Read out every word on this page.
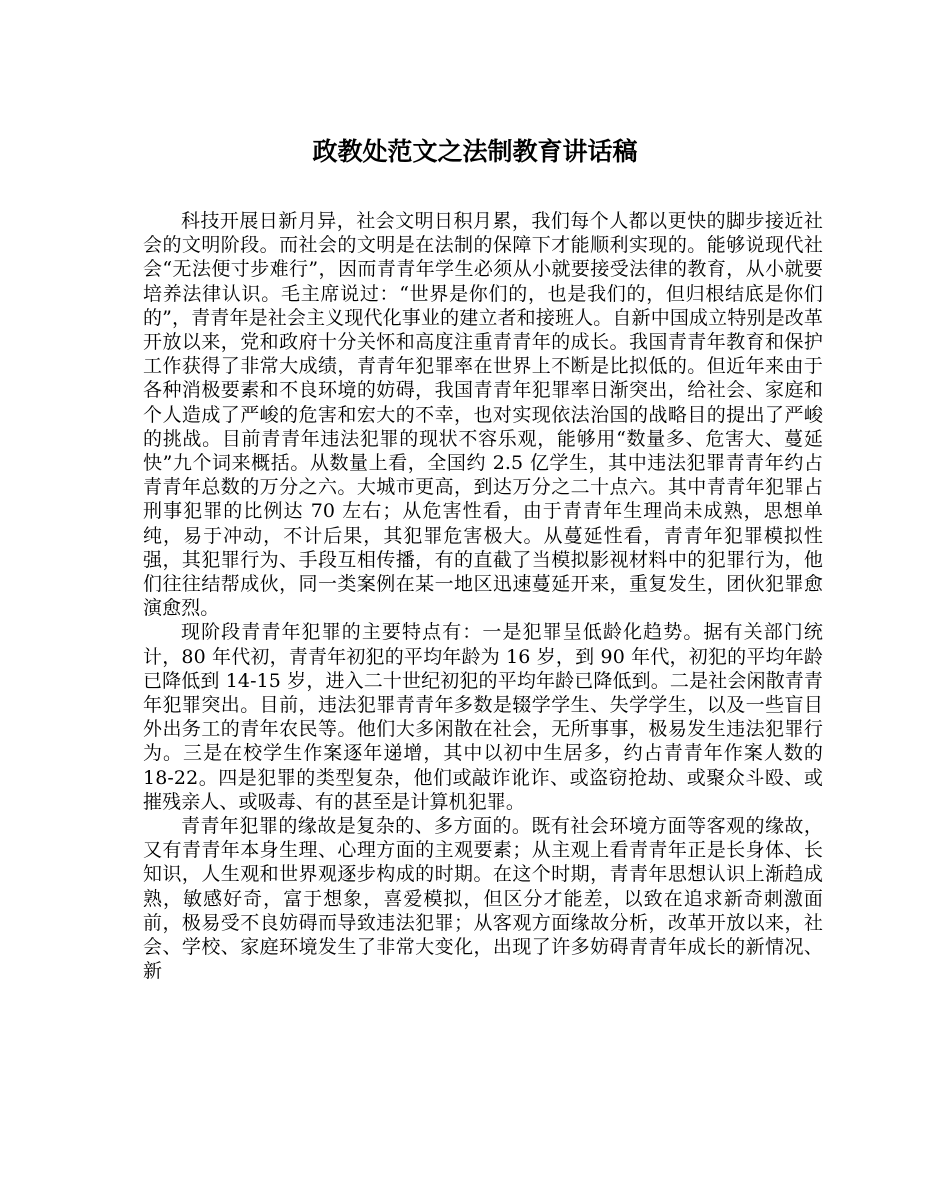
政教处范文之法制教育讲话稿

科技开展日新月异，社会文明日积月累，我们每个人都以更快的脚步接近社会的文明阶段。而社会的文明是在法制的保障下才能顺利实现的。能够说现代社会“无法便寸步难行”，因而青青年学生必须从小就要接受法律的教育，从小就要培养法律认识。毛主席说过：“世界是你们的，也是我们的，但归根结底是你们的”，青青年是社会主义现代化事业的建立者和接班人。自新中国成立特别是改革开放以来，党和政府十分关怀和高度注重青青年的成长。我国青青年教育和保护工作获得了非常大成绩，青青年犯罪率在世界上不断是比拟低的。但近年来由于各种消极要素和不良环境的妨碍，我国青青年犯罪率日渐突出，给社会、家庭和个人造成了严峻的危害和宏大的不幸，也对实现依法治国的战略目的提出了严峻的挑战。目前青青年违法犯罪的现状不容乐观，能够用“数量多、危害大、蔓延快”九个词来概括。从数量上看，全国约 2.5 亿学生，其中违法犯罪青青年约占青青年总数的万分之六。大城市更高，到达万分之二十点六。其中青青年犯罪占刑事犯罪的比例达 70 左右；从危害性看，由于青青年生理尚未成熟，思想单纯，易于冲动，不计后果，其犯罪危害极大。从蔓延性看，青青年犯罪模拟性强，其犯罪行为、手段互相传播，有的直截了当模拟影视材料中的犯罪行为，他们往往结帮成伙，同一类案例在某一地区迅速蔓延开来，重复发生，团伙犯罪愈演愈烈。

现阶段青青年犯罪的主要特点有：一是犯罪呈低龄化趋势。据有关部门统计，80 年代初，青青年初犯的平均年龄为 16 岁，到 90 年代，初犯的平均年龄已降低到 14-15 岁，进入二十世纪初犯的平均年龄已降低到。二是社会闲散青青年犯罪突出。目前，违法犯罪青青年多数是辍学学生、失学学生，以及一些盲目外出务工的青年农民等。他们大多闲散在社会，无所事事，极易发生违法犯罪行为。三是在校学生作案逐年递增，其中以初中生居多，约占青青年作案人数的 18-22。四是犯罪的类型复杂，他们或敲诈讹诈、或盗窃抢劫、或聚众斗殴、或摧残亲人、或吸毒、有的甚至是计算机犯罪。

青青年犯罪的缘故是复杂的、多方面的。既有社会环境方面等客观的缘故，又有青青年本身生理、心理方面的主观要素；从主观上看青青年正是长身体、长知识，人生观和世界观逐步构成的时期。在这个时期，青青年思想认识上渐趋成熟，敏感好奇，富于想象，喜爱模拟，但区分才能差，以致在追求新奇刺激面前，极易受不良妨碍而导致违法犯罪；从客观方面缘故分析，改革开放以来，社会、学校、家庭环境发生了非常大变化，出现了许多妨碍青青年成长的新情况、新
